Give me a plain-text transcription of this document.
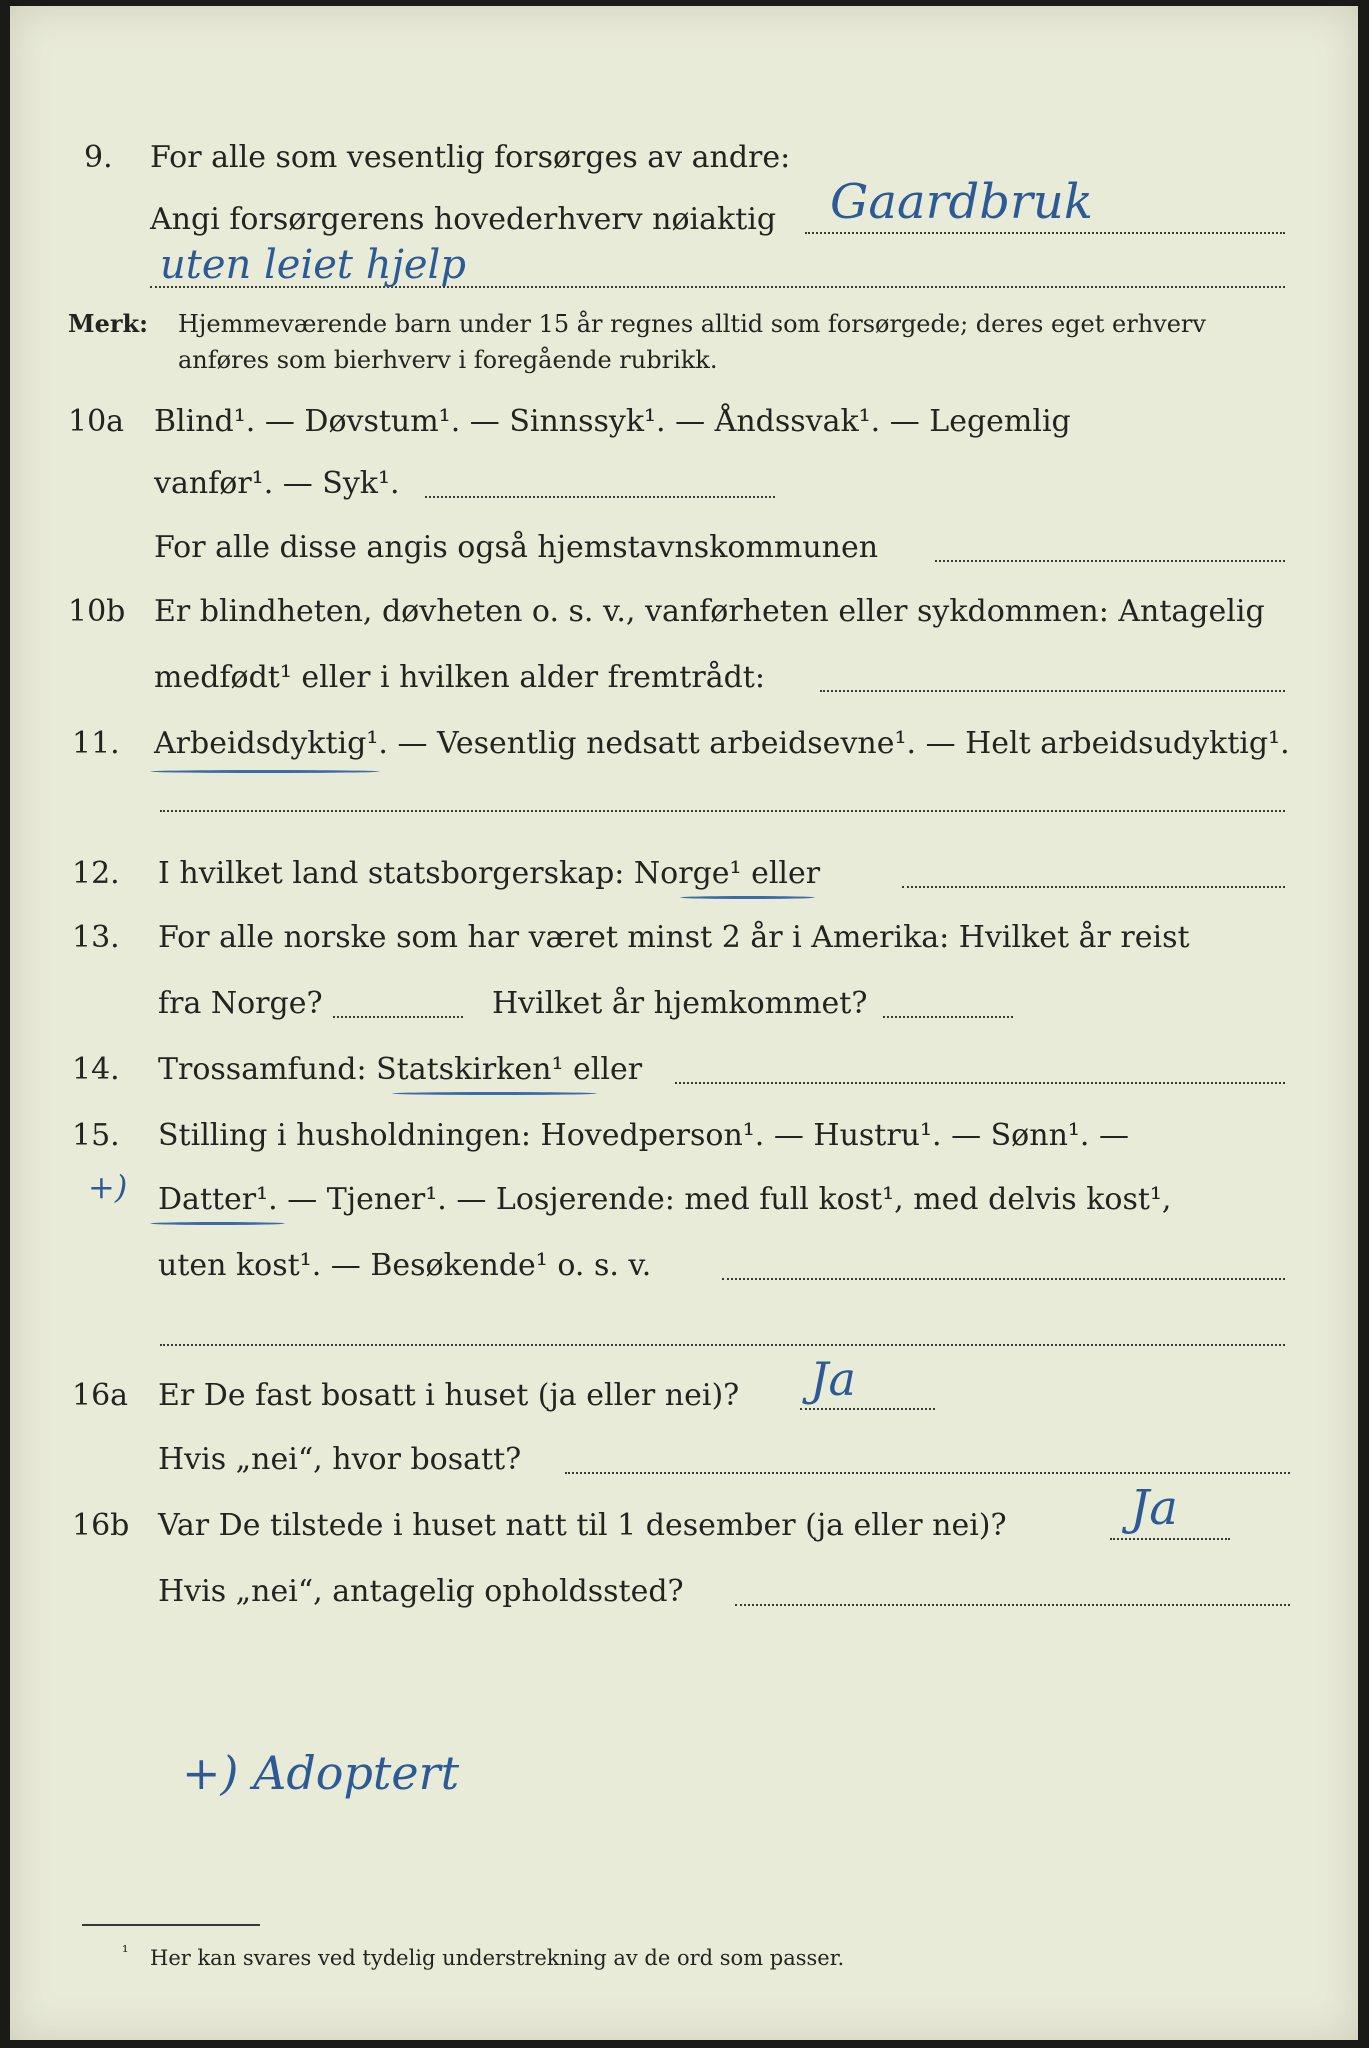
9. For alle som vesentlig forsørges av andre:
Angi forsørgerens hovederhverv nøiaktig Gaardbruk
uten leiet hjelp
Merk: Hjemmeværende barn under 15 år regnes alltid som forsørgede; deres eget erhverv
anføres som bierhverv i foregående rubrikk.
10a Blind¹. — Døvstum¹. — Sinnssyk¹. — Åndssvak¹. — Legemlig
vanfør¹. — Syk¹.
For alle disse angis også hjemstavnskommunen
10b Er blindheten, døvheten o. s. v., vanførheten eller sykdommen: Antagelig
medfødt¹ eller i hvilken alder fremtrådt:
11. Arbeidsdyktig¹. — Vesentlig nedsatt arbeidsevne¹. — Helt arbeidsudyktig¹.
12. I hvilket land statsborgerskap: Norge¹ eller
13. For alle norske som har været minst 2 år i Amerika: Hvilket år reist
fra Norge?	Hvilket år hjemkommet?
14. Trossamfund: Statskirken¹ eller
15. Stilling i husholdningen: Hovedperson¹. — Hustru¹. — Sønn¹. —
+) Datter¹. — Tjener¹. — Losjerende: med full kost¹, med delvis kost¹,
uten kost¹. — Besøkende¹ o. s. v.
16a Er De fast bosatt i huset (ja eller nei)? Ja
Hvis „nei“, hvor bosatt?
16b Var De tilstede i huset natt til 1 desember (ja eller nei)?	Ja
Hvis „nei“, antagelig opholdssted?
+) Adoptert
¹ Her kan svares ved tydelig understrekning av de ord som passer.
